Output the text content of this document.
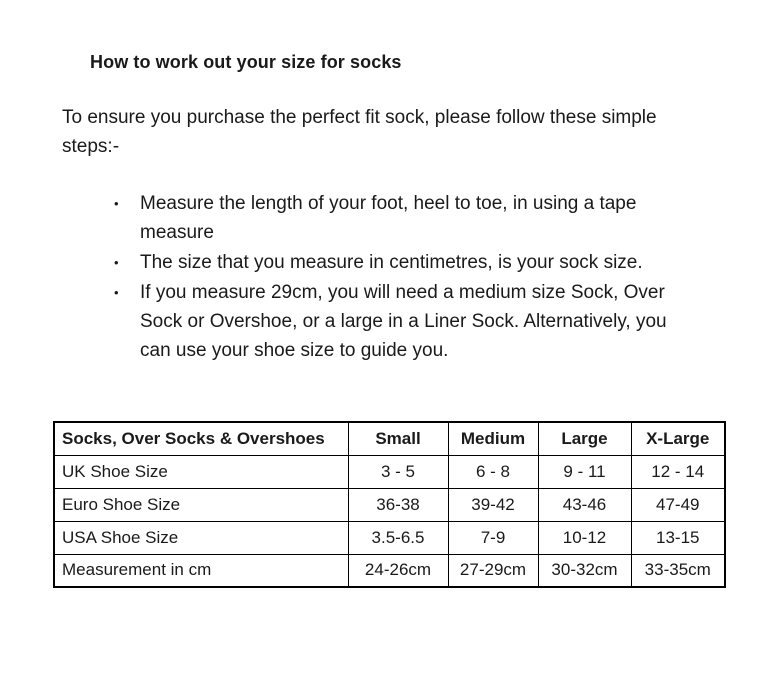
How to work out your size for socks

To ensure you purchase the perfect fit sock, please follow these simple steps:-

• Measure the length of your foot, heel to toe, in using a tape measure
• The size that you measure in centimetres, is your sock size.
• If you measure 29cm, you will need a medium size Sock, Over Sock or Overshoe, or a large in a Liner Sock. Alternatively, you can use your shoe size to guide you.
Socks, Over Socks & Overshoes	Small	Medium	Large	X-Large
UK Shoe Size	3 - 5	6 - 8	9 - 11	12 - 14
Euro Shoe Size	36-38	39-42	43-46	47-49
USA Shoe Size	3.5-6.5	7-9	10-12	13-15
Measurement in cm	24-26cm	27-29cm	30-32cm	33-35cm
